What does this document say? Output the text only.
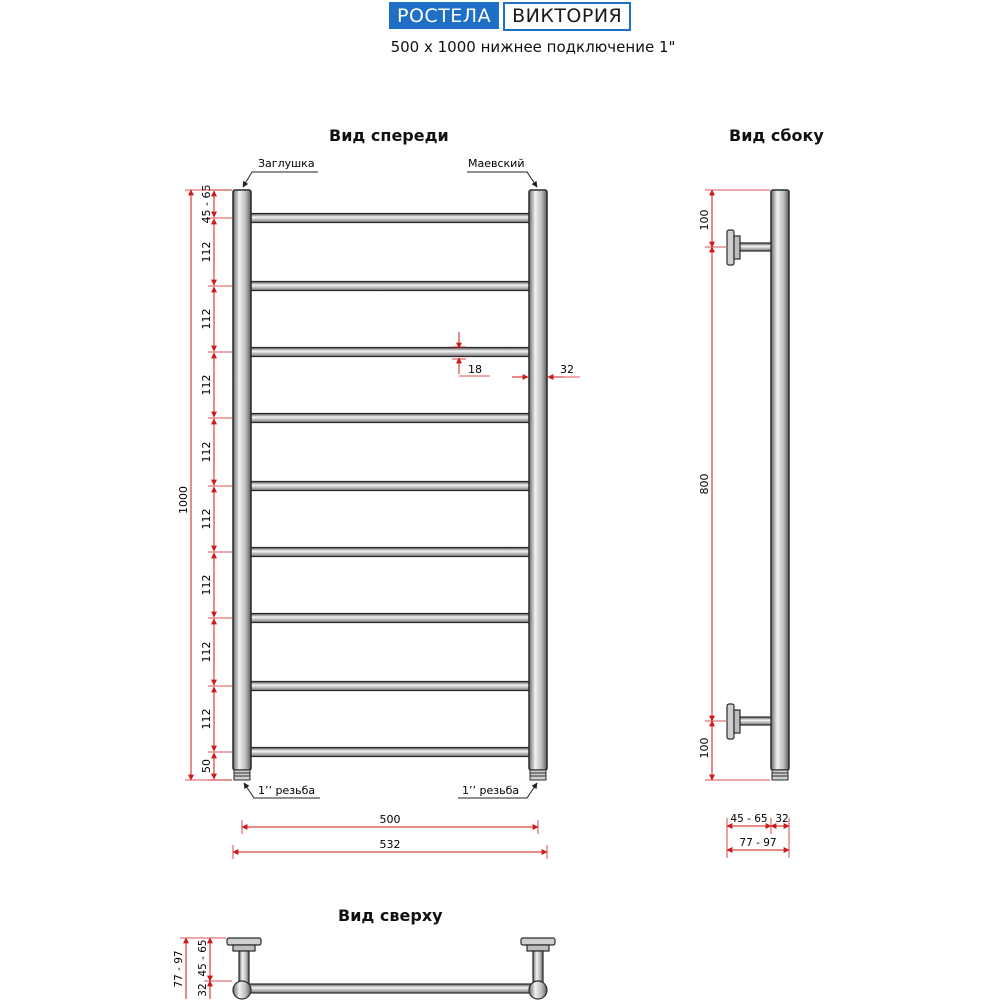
РОСТЕЛА	ВИКТОРИЯ
500 x 1000 нижнее подключение 1"
Вид спереди	Вид сбоку
Вид сверху
Заглушка	Маевский
1’’ резьба	1’’ резьба
45 - 65
112
112
112
112
112
112
112
112
50
1000
18	32
500
532
100
800
100
45 - 65 32
77 - 97
77 - 97 45 - 65
32
